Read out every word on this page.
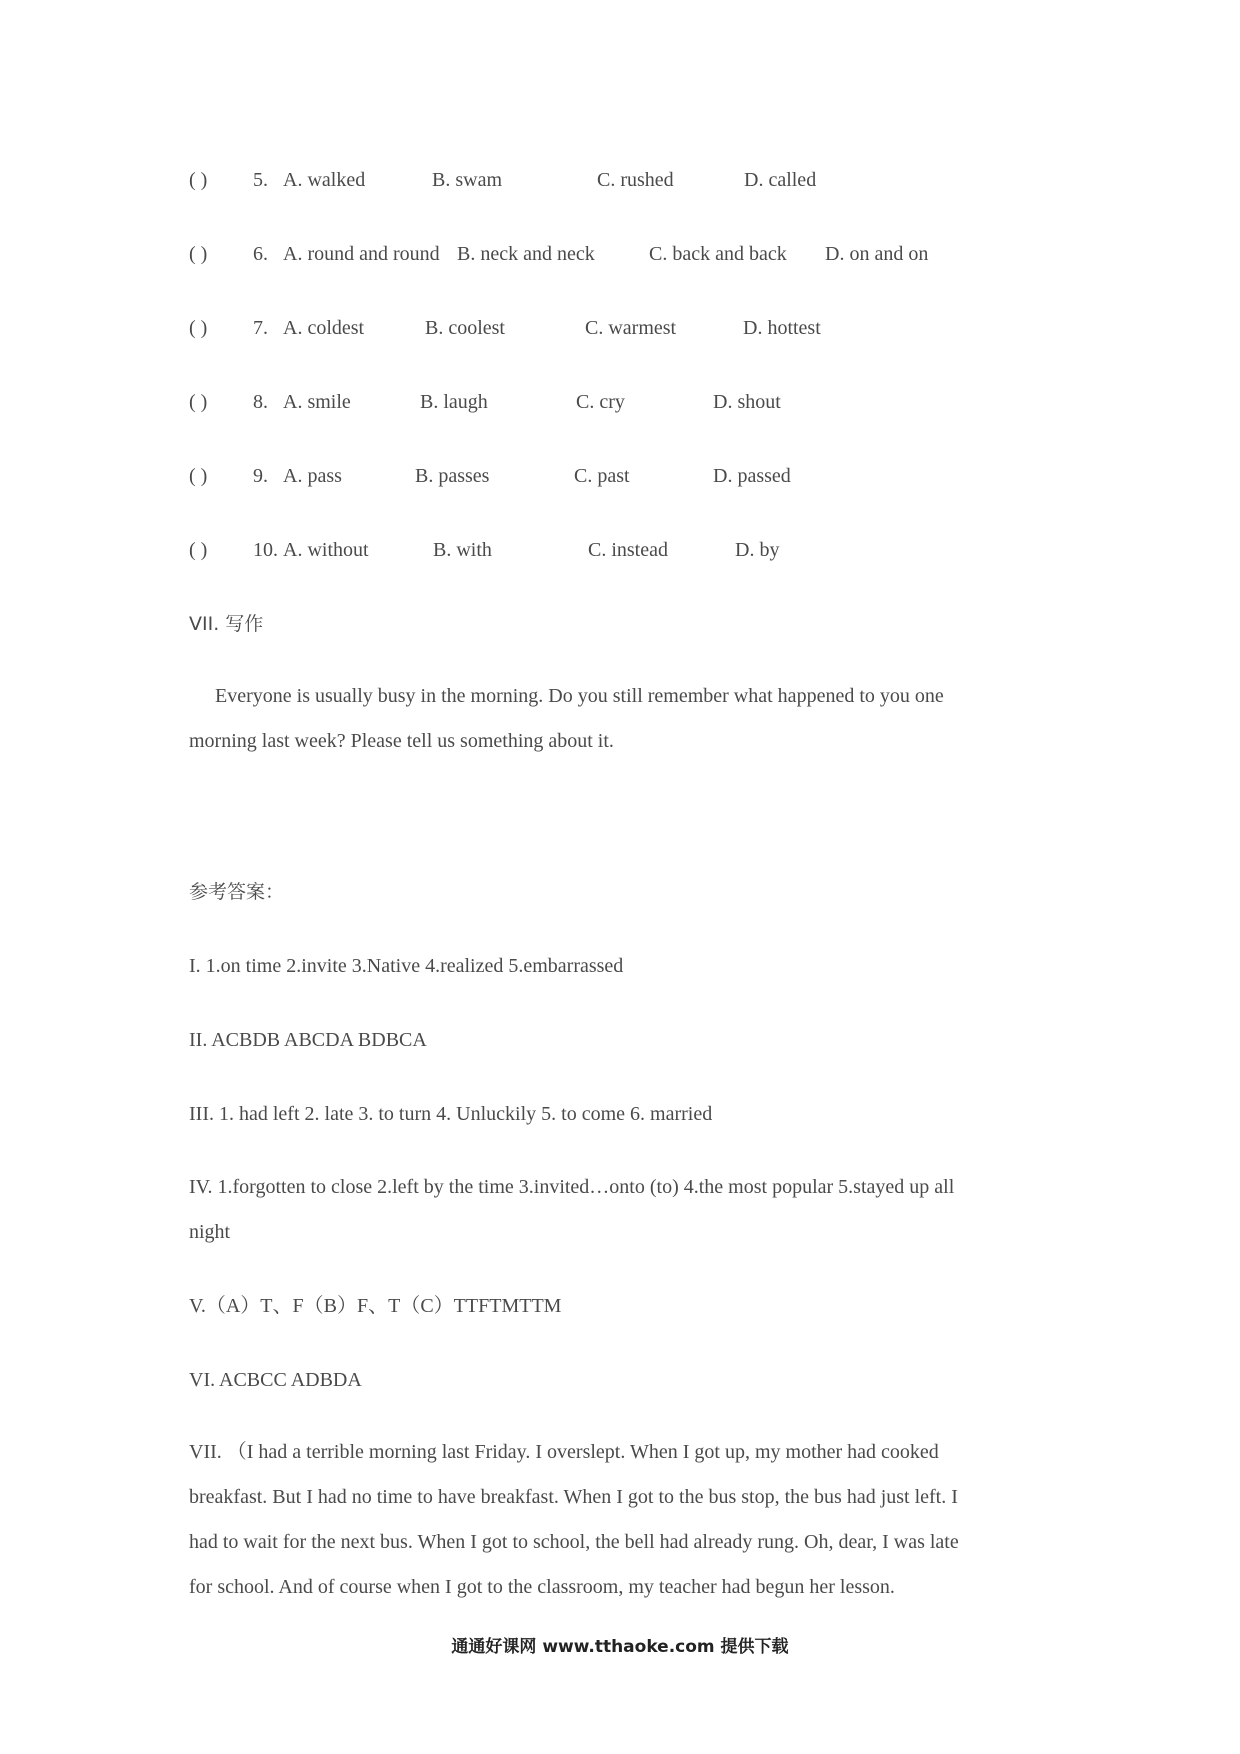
( ) 5. A. walked	B. swam	C. rushed	D. called
( ) 6. A. round and round B. neck and neck	C. back and back D. on and on
( ) 7. A. coldest	B. coolest	C. warmest	D. hottest
( ) 8. A. smile	B. laugh	C. cry	D. shout
( ) 9. A. pass	B. passes	C. past	D. passed
( ) 10. A. without	B. with	C. instead	D. by
VII. 写作
Everyone is usually busy in the morning. Do you still remember what happened to you one
morning last week? Please tell us something about it.
参考答案：
I. 1.on time 2.invite 3.Native 4.realized 5.embarrassed
II. ACBDB ABCDA BDBCA
III. 1. had left 2. late 3. to turn 4. Unluckily 5. to come 6. married
IV. 1.forgotten to close 2.left by the time 3.invited…onto (to) 4.the most popular 5.stayed up all
night
V.（A）T、F（B）F、T（C）TTFTMTTM
VI. ACBCC ADBDA
VII. （I had a terrible morning last Friday. I overslept. When I got up, my mother had cooked
breakfast. But I had no time to have breakfast. When I got to the bus stop, the bus had just left. I
had to wait for the next bus. When I got to school, the bell had already rung. Oh, dear, I was late
for school. And of course when I got to the classroom, my teacher had begun her lesson.
通通好课网 www.tthaoke.com 提供下载
